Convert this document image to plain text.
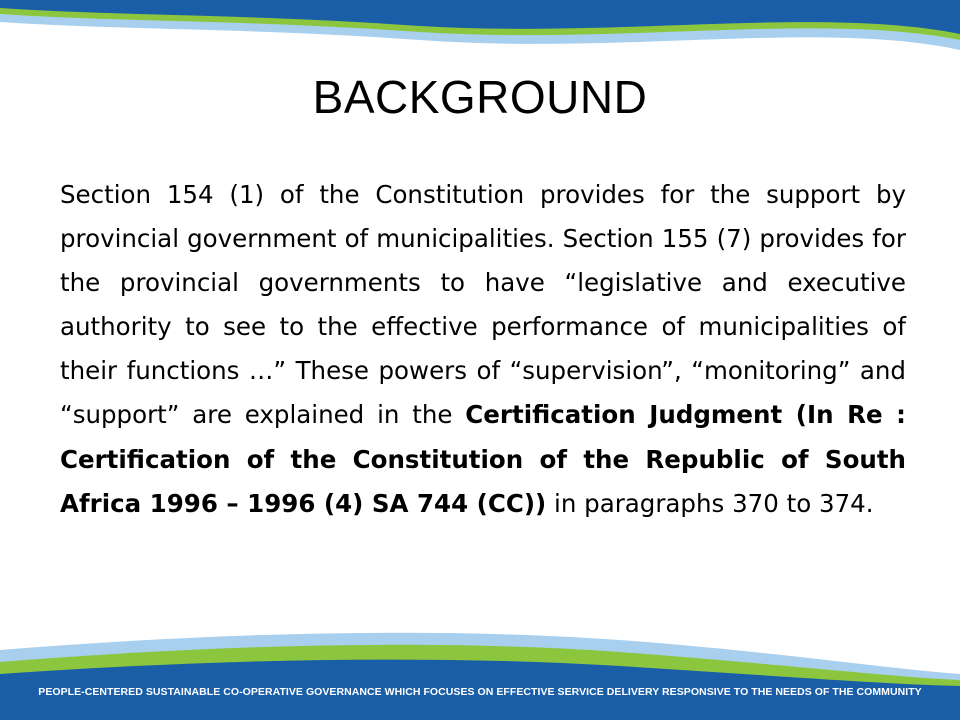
BACKGROUND
Section 154 (1) of the Constitution provides for the support by provincial government of municipalities. Section 155 (7) provides for the provincial governments to have “legislative and executive authority to see to the effective performance of municipalities of their functions …” These powers of “supervision”, “monitoring” and “support” are explained in the Certification Judgment (In Re : Certification of the Constitution of the Republic of South Africa 1996 – 1996 (4) SA 744 (CC)) in paragraphs 370 to 374.
PEOPLE-CENTERED SUSTAINABLE CO-OPERATIVE GOVERNANCE WHICH FOCUSES ON EFFECTIVE SERVICE DELIVERY RESPONSIVE TO THE NEEDS OF THE COMMUNITY
